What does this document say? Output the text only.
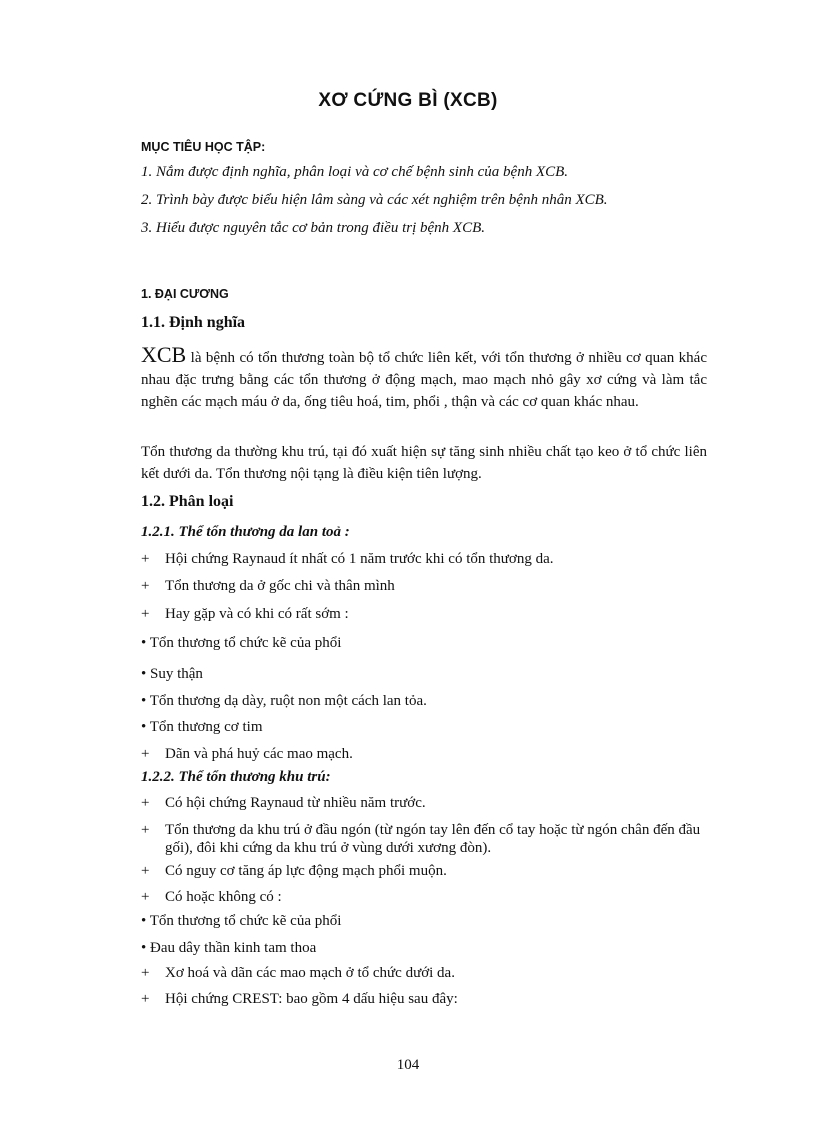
XƠ CỨNG BÌ (XCB)
MỤC TIÊU HỌC TẬP:
1. Nắm được định nghĩa, phân loại và cơ chế bệnh sinh của bệnh XCB.
2. Trình bày được biểu hiện lâm sàng và các xét nghiệm trên bệnh nhân XCB.
3. Hiểu được nguyên tắc cơ bản trong điều trị bệnh XCB.
1. ĐẠI CƯƠNG
1.1. Định nghĩa
XCB là bệnh có tổn thương toàn bộ tổ chức liên kết, với tổn thương ở nhiều cơ quan khác nhau đặc trưng bằng các tổn thương ở động mạch, mao mạch nhỏ gây xơ cứng và làm tắc nghẽn các mạch máu ở da, ống tiêu hoá, tim, phổi , thận và các cơ quan khác nhau.
Tổn thương da thường khu trú, tại đó xuất hiện sự tăng sinh nhiều chất tạo keo ở tổ chức liên kết dưới da. Tổn thương nội tạng là điều kiện tiên lượng.
1.2. Phân loại
1.2.1. Thể tổn thương da lan toả :
+	Hội chứng Raynaud ít nhất có 1 năm trước khi có tổn thương da.
+	Tổn thương da ở gốc chi và thân mình
+	Hay gặp và có khi có rất sớm :
• Tổn thương tổ chức kẽ của phổi
• Suy thận
• Tổn thương dạ dày, ruột non một cách lan tỏa.
• Tổn thương cơ tim
+	Dãn và phá huỷ các mao mạch.
1.2.2. Thể tổn thương khu trú:
+	Có hội chứng Raynaud từ nhiều năm trước.
+	Tổn thương da khu trú ở đầu ngón (từ ngón tay lên đến cổ tay hoặc từ ngón chân đến đầu gối), đôi khi cứng da khu trú ở vùng dưới xương đòn).
+	Có nguy cơ tăng áp lực động mạch phổi muộn.
+	Có hoặc không có :
• Tổn thương tổ chức kẽ của phổi
• Đau dây thần kinh tam thoa
+	Xơ hoá và dãn các mao mạch ở tổ chức dưới da.
+	Hội chứng CREST: bao gồm 4 dấu hiệu sau đây:
104
